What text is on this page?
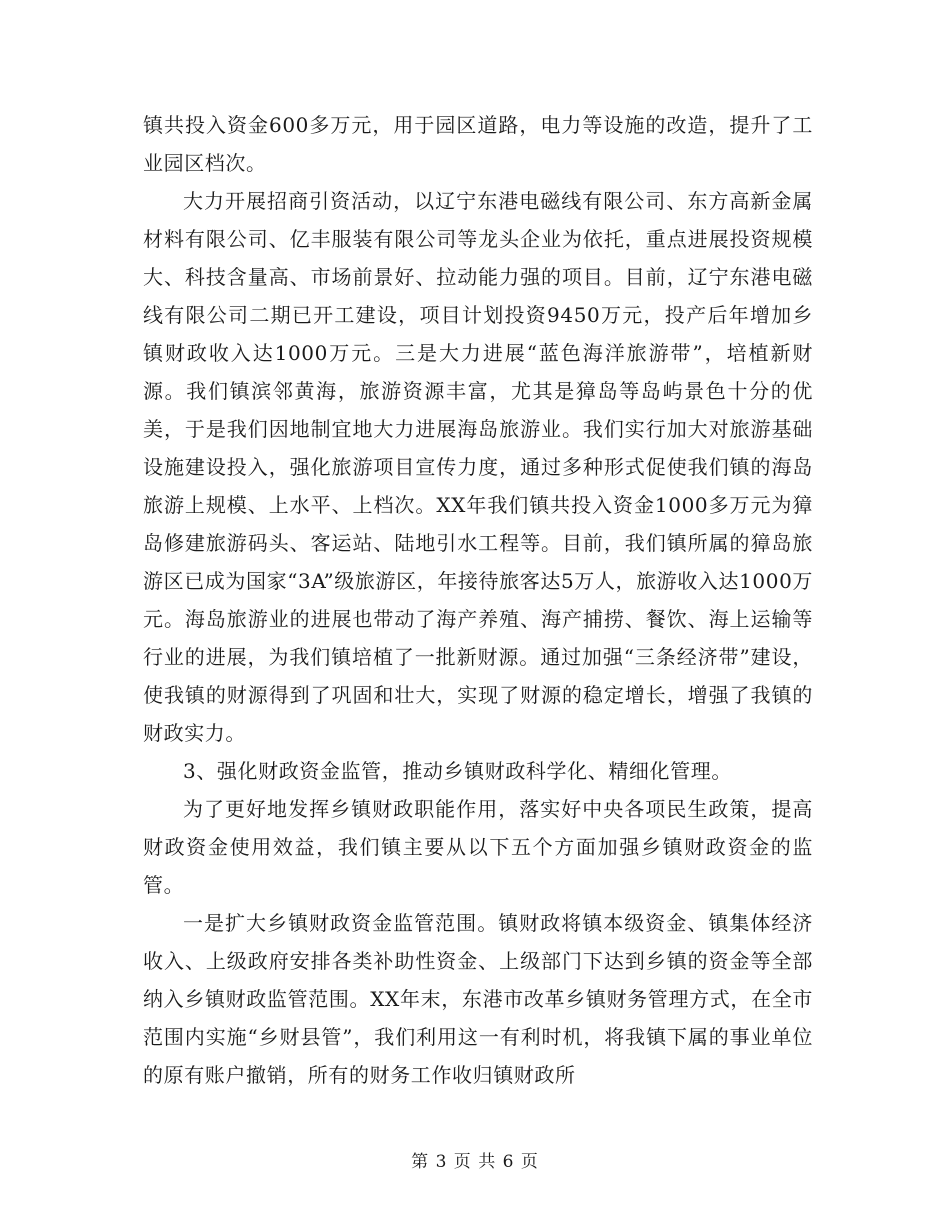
镇共投入资金600多万元，用于园区道路，电力等设施的改造，提升了工业园区档次。

大力开展招商引资活动，以辽宁东港电磁线有限公司、东方高新金属材料有限公司、亿丰服装有限公司等龙头企业为依托，重点进展投资规模大、科技含量高、市场前景好、拉动能力强的项目。目前，辽宁东港电磁线有限公司二期已开工建设，项目计划投资9450万元，投产后年增加乡镇财政收入达1000万元。三是大力进展“蓝色海洋旅游带”，培植新财源。我们镇滨邻黄海，旅游资源丰富，尤其是獐岛等岛屿景色十分的优美，于是我们因地制宜地大力进展海岛旅游业。我们实行加大对旅游基础设施建设投入，强化旅游项目宣传力度，通过多种形式促使我们镇的海岛旅游上规模、上水平、上档次。XX年我们镇共投入资金1000多万元为獐岛修建旅游码头、客运站、陆地引水工程等。目前，我们镇所属的獐岛旅游区已成为国家“3A”级旅游区，年接待旅客达5万人，旅游收入达1000万元。海岛旅游业的进展也带动了海产养殖、海产捕捞、餐饮、海上运输等行业的进展，为我们镇培植了一批新财源。通过加强“三条经济带”建设，使我镇的财源得到了巩固和壮大，实现了财源的稳定增长，增强了我镇的财政实力。

3、强化财政资金监管，推动乡镇财政科学化、精细化管理。

为了更好地发挥乡镇财政职能作用，落实好中央各项民生政策，提高财政资金使用效益，我们镇主要从以下五个方面加强乡镇财政资金的监管。

一是扩大乡镇财政资金监管范围。镇财政将镇本级资金、镇集体经济收入、上级政府安排各类补助性资金、上级部门下达到乡镇的资金等全部纳入乡镇财政监管范围。XX年末，东港市改革乡镇财务管理方式，在全市范围内实施“乡财县管”，我们利用这一有利时机，将我镇下属的事业单位的原有账户撤销，所有的财务工作收归镇财政所

第 3 页 共 6 页
